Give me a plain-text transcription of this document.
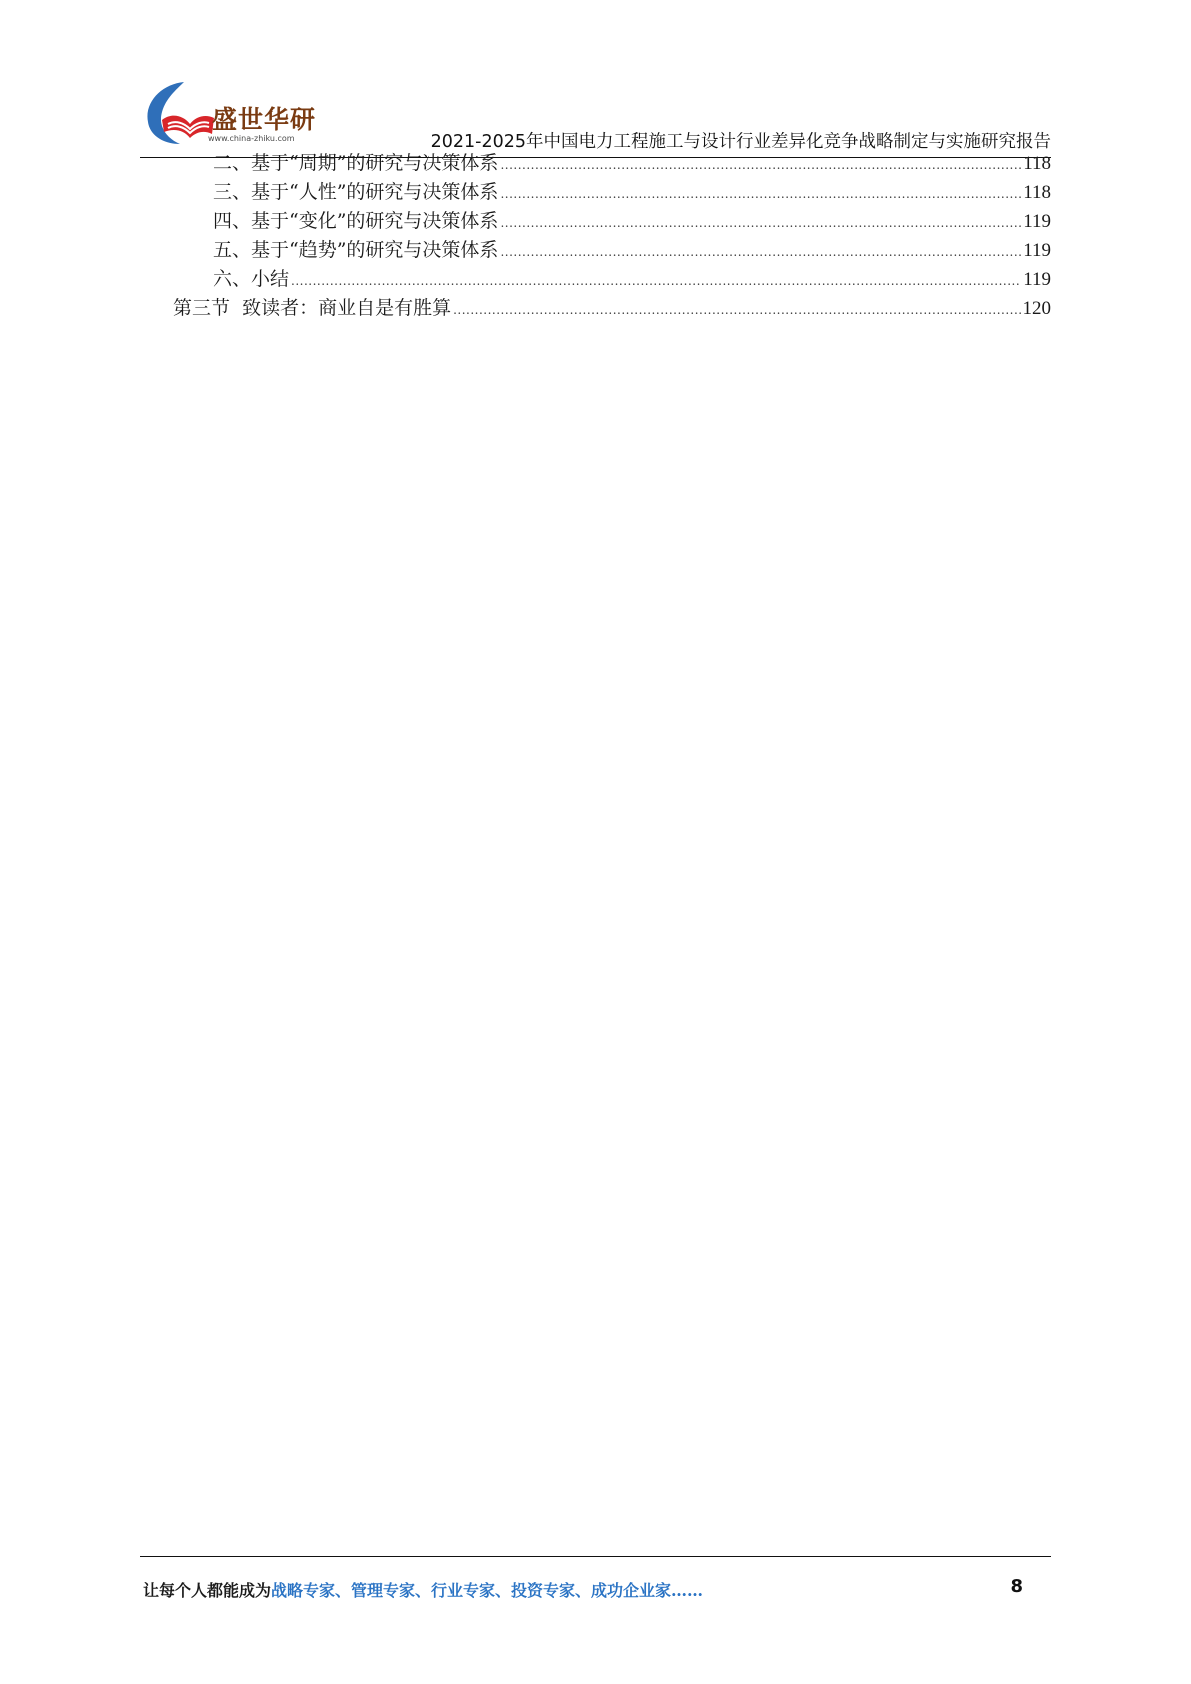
盛世华研
www.china-zhiku.com	2021-2025年中国电力工程施工与设计行业差异化竞争战略制定与实施研究报告
二、基于“周期”的研究与决策体系 .....	118
三、基于“人性”的研究与决策体系 .....	118
四、基于“变化”的研究与决策体系 .....	119
五、基于“趋势”的研究与决策体系 .....	119
六、小结 .....	119
第三节  致读者：商业自是有胜算 .....	120
让每个人都能成为战略专家、管理专家、行业专家、投资专家、成功企业家……	8
